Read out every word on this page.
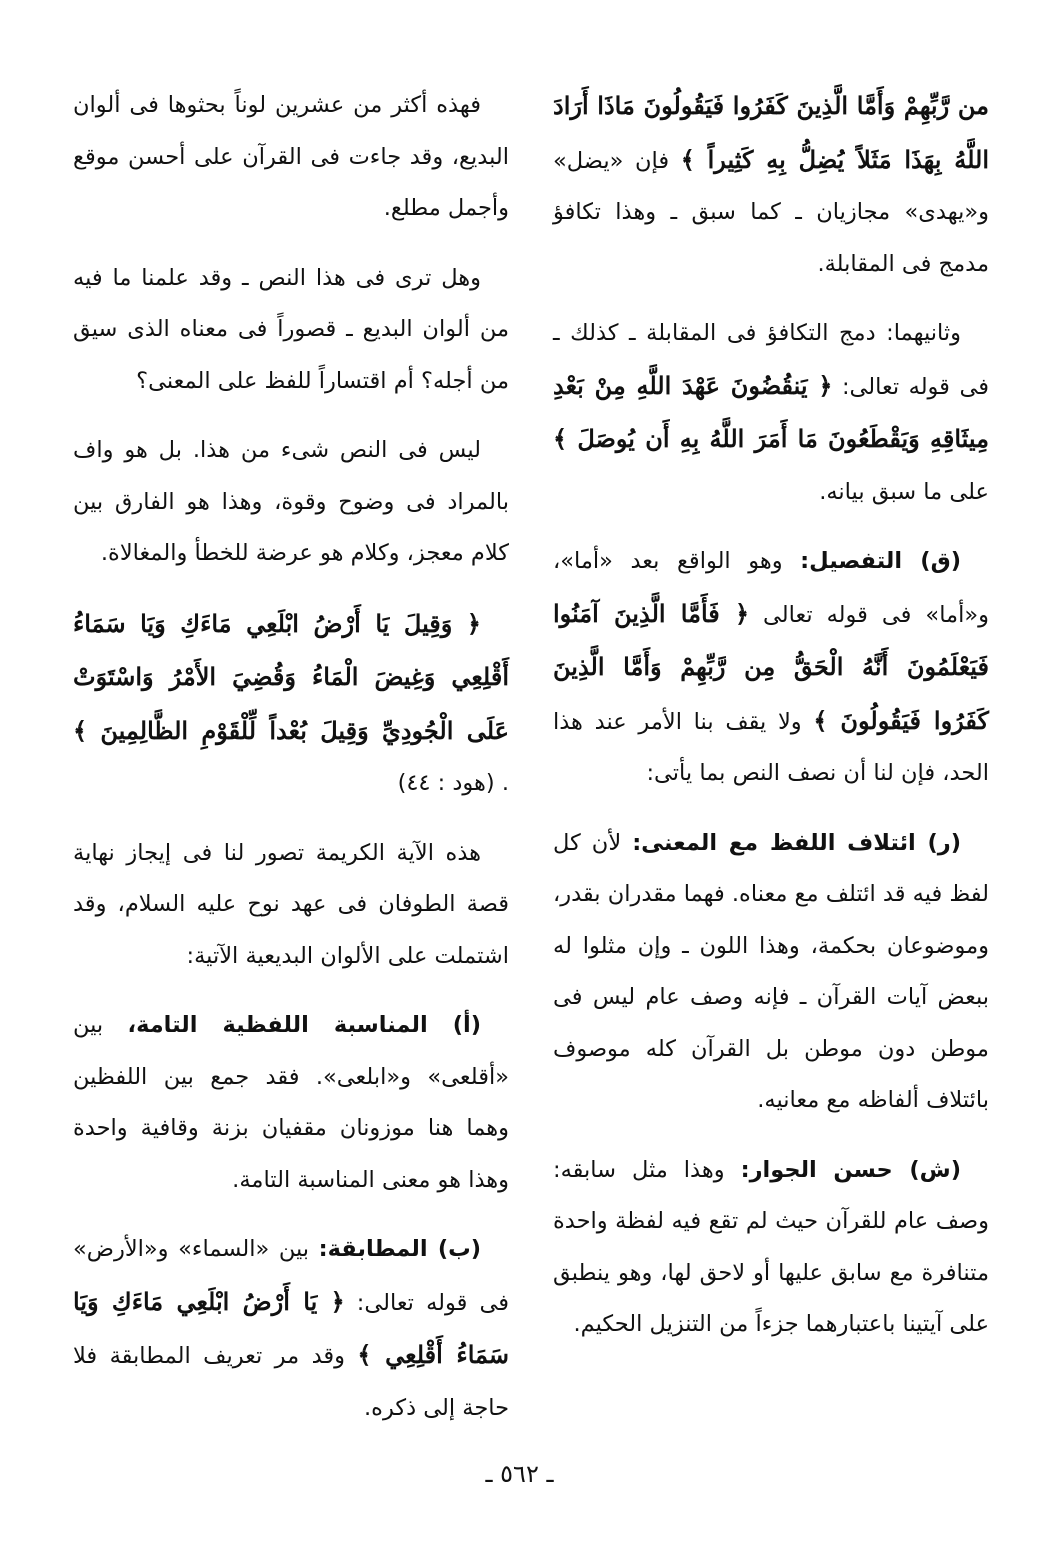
من رَّبِّهِمْ وَأَمَّا الَّذِينَ كَفَرُوا فَيَقُولُونَ مَاذَا أَرَادَ اللَّهُ بِهَذَا مَثَلاً يُضِلُّ بِهِ كَثِيراً ﴾ فإن «يضل» و«يهدى» مجازيان ـ كما سبق ـ وهذا تكافؤ مدمج فى المقابلة.

وثانيهما: دمج التكافؤ فى المقابلة ـ كذلك ـ فى قوله تعالى: ﴿ يَنقُضُونَ عَهْدَ اللَّهِ مِنْ بَعْدِ مِيثَاقِهِ وَيَقْطَعُونَ مَا أَمَرَ اللَّهُ بِهِ أَن يُوصَلَ ﴾ على ما سبق بيانه.

(ق) التفصيل: وهو الواقع بعد «أما»، و«أما» فى قوله تعالى ﴿ فَأَمَّا الَّذِينَ آمَنُوا فَيَعْلَمُونَ أَنَّهُ الْحَقُّ مِن رَّبِّهِمْ وَأَمَّا الَّذِينَ كَفَرُوا فَيَقُولُونَ ﴾ ولا يقف بنا الأمر عند هذا الحد، فإن لنا أن نصف النص بما يأتى:

(ر) ائتلاف اللفظ مع المعنى: لأن كل لفظ فيه قد ائتلف مع معناه. فهما مقدران بقدر، وموضوعان بحكمة، وهذا اللون ـ وإن مثلوا له ببعض آيات القرآن ـ فإنه وصف عام ليس فى موطن دون موطن بل القرآن كله موصوف بائتلاف ألفاظه مع معانيه.

(ش) حسن الجوار: وهذا مثل سابقه: وصف عام للقرآن حيث لم تقع فيه لفظة واحدة متنافرة مع سابق عليها أو لاحق لها، وهو ينطبق على آيتينا باعتبارهما جزءاً من التنزيل الحكيم.

فهذه أكثر من عشرين لوناً بحثوها فى ألوان البديع، وقد جاءت فى القرآن على أحسن موقع وأجمل مطلع.

وهل ترى فى هذا النص ـ وقد علمنا ما فيه من ألوان البديع ـ قصوراً فى معناه الذى سيق من أجله؟ أم اقتساراً للفظ على المعنى؟

ليس فى النص شىء من هذا. بل هو واف بالمراد فى وضوح وقوة، وهذا هو الفارق بين كلام معجز، وكلام هو عرضة للخطأ والمغالاة.

﴿ وَقِيلَ يَا أَرْضُ ابْلَعِي مَاءَكِ وَيَا سَمَاءُ أَقْلِعِي وَغِيضَ الْمَاءُ وَقُضِيَ الأَمْرُ وَاسْتَوَتْ عَلَى الْجُودِيِّ وَقِيلَ بُعْداً لِّلْقَوْمِ الظَّالِمِينَ ﴾ . (هود : ٤٤)

هذه الآية الكريمة تصور لنا فى إيجاز نهاية قصة الطوفان فى عهد نوح عليه السلام، وقد اشتملت على الألوان البديعية الآتية:

(أ) المناسبة اللفظية التامة، بين «أقلعى» و«ابلعى». فقد جمع بين اللفظين وهما هنا موزونان مقفيان بزنة وقافية واحدة وهذا هو معنى المناسبة التامة.

(ب) المطابقة: بين «السماء» و«الأرض» فى قوله تعالى: ﴿ يَا أَرْضُ ابْلَعِي مَاءَكِ وَيَا سَمَاءُ أَقْلِعِي ﴾ وقد مر تعريف المطابقة فلا حاجة إلى ذكره.

ـ ٥٦٢ ـ
